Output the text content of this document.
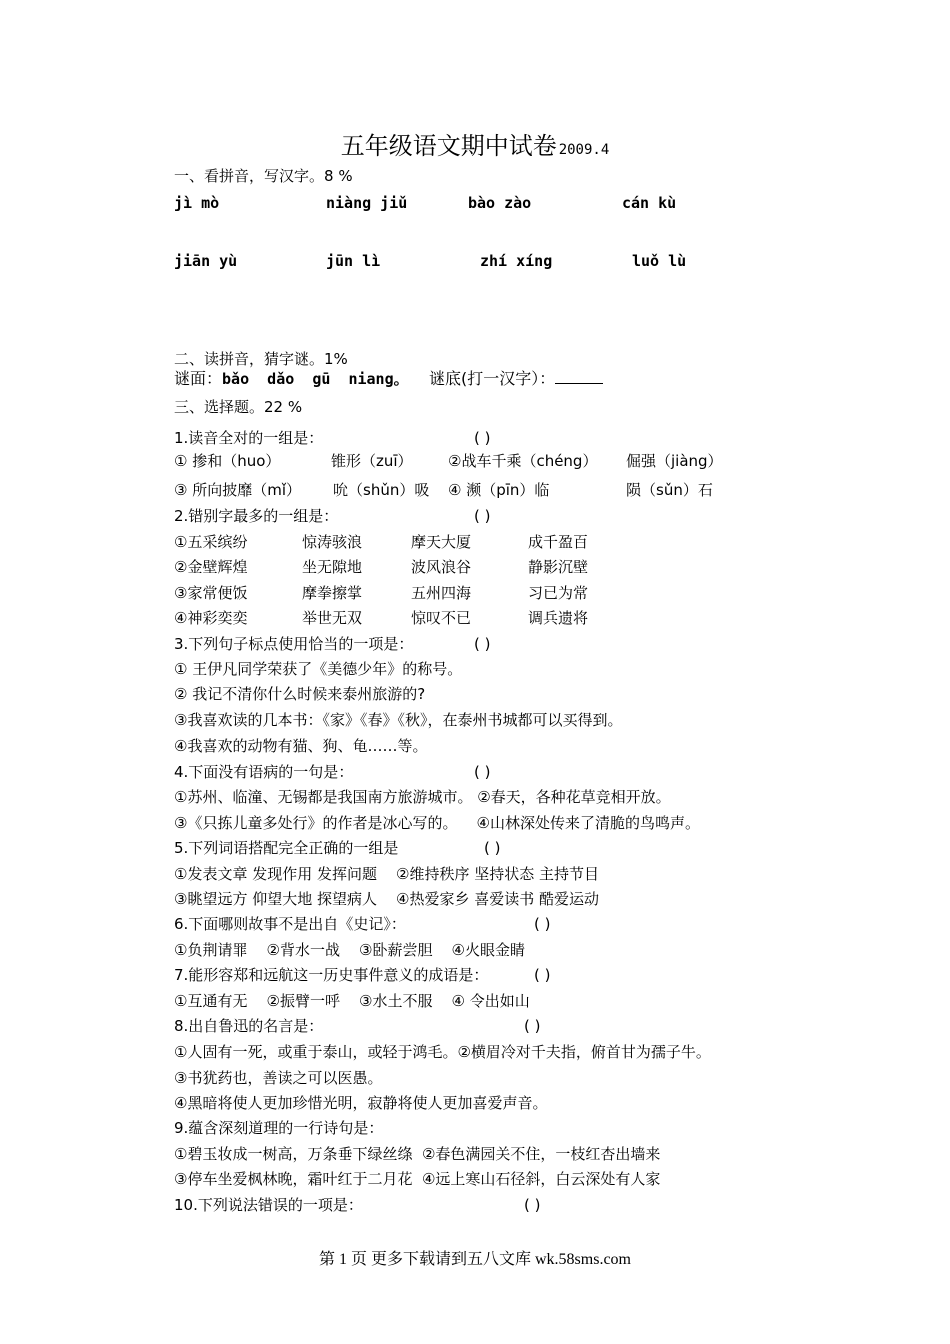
五年级语文期中试卷 2009.4
一、看拼音，写汉字。8 %
jì mò	niàng jiǔ	bào zào	cán kù
jiān yù	jūn lì	zhí xíng	luǒ lù
二、读拼音，猜字谜。1%
谜面：bǎo  dǎo  gū  niang。 谜底(打一汉字）：
三、选择题。22 %
1.读音全对的一组是：	( )
① 掺和（huo）	锥形（zuī） ②战车千乘（chéng） 倔强（jiàng）
③ 所向披靡（mǐ） 吮（shǔn）吸 ④ 濒（pīn）临	陨（sǔn）石
2.错别字最多的一组是：	( )
①五采缤纷	惊涛骇浪	摩天大厦	成千盈百
②金壁辉煌	坐无隙地	波风浪谷	静影沉壁
③家常便饭	摩拳擦掌	五州四海	习已为常
④神彩奕奕	举世无双	惊叹不已	调兵遗将
3.下列句子标点使用恰当的一项是：	( )
① 王伊凡同学荣获了《美德少年》的称号。
② 我记不清你什么时候来泰州旅游的?
③我喜欢读的几本书：《家》《春》《秋》，在泰州书城都可以买得到。
④我喜欢的动物有猫、狗、龟……等。
4.下面没有语病的一句是：	( )
①苏州、临潼、无锡都是我国南方旅游城市。 ②春天，各种花草竞相开放。
③《只拣儿童多处行》的作者是冰心写的。    ④山林深处传来了清脆的鸟鸣声。
5.下列词语搭配完全正确的一组是	( )
①发表文章 发现作用 发挥问题    ②维持秩序 坚持状态 主持节目
③眺望远方 仰望大地 探望病人    ④热爱家乡 喜爱读书 酷爱运动
6.下面哪则故事不是出自《史记》：	( )
①负荆请罪    ②背水一战    ③卧薪尝胆    ④火眼金睛
7.能形容郑和远航这一历史事件意义的成语是：	( )
①互通有无    ②振臂一呼    ③水土不服    ④ 令出如山
8.出自鲁迅的名言是：	( )
①人固有一死，或重于泰山，或轻于鸿毛。②横眉冷对千夫指，俯首甘为孺子牛。
③书犹药也，善读之可以医愚。
④黑暗将使人更加珍惜光明，寂静将使人更加喜爱声音。
9.蕴含深刻道理的一行诗句是：
①碧玉妆成一树高，万条垂下绿丝绦  ②春色满园关不住，一枝红杏出墙来
③停车坐爱枫林晚，霜叶红于二月花  ④远上寒山石径斜，白云深处有人家
10.下列说法错误的一项是：	( )
第 1 页 更多下载请到五八文库 wk.58sms.com
